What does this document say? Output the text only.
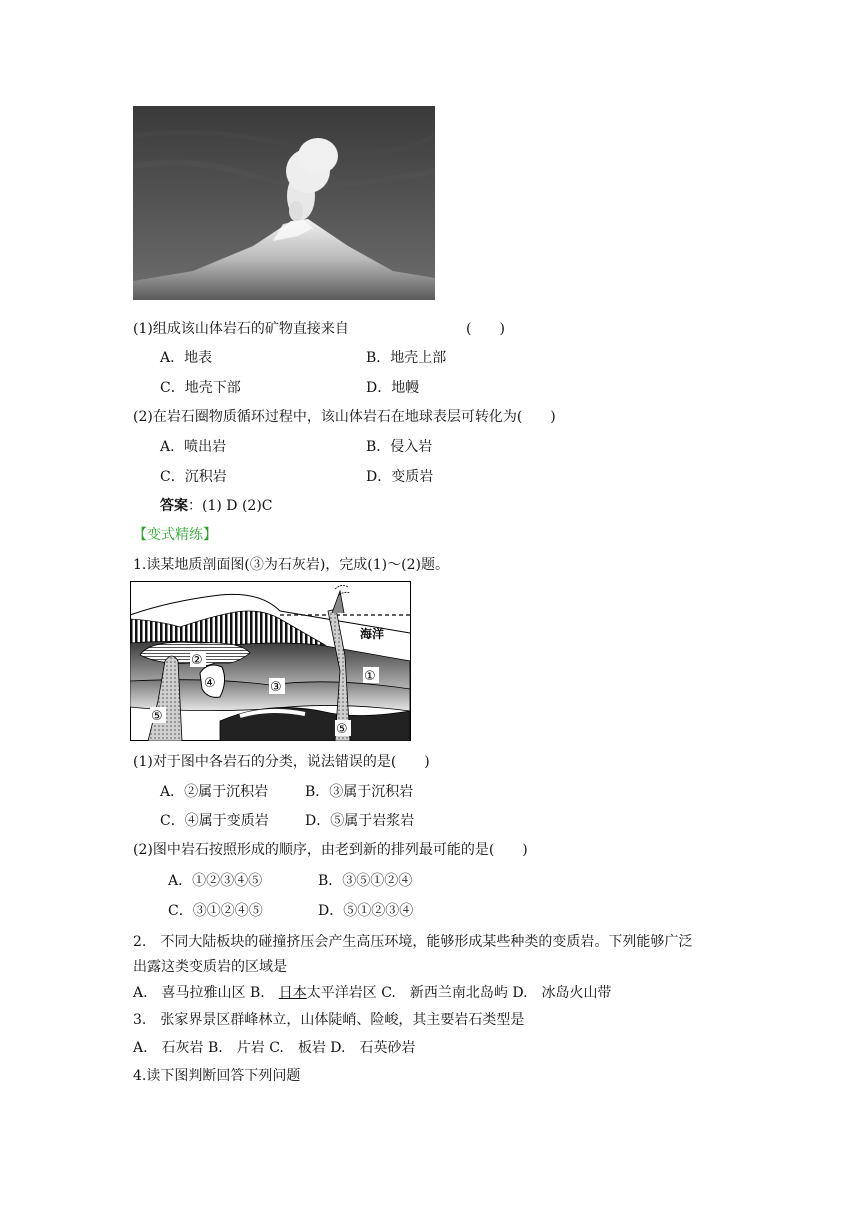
(1)组成该山体岩石的矿物直接来自	(　　)
A．地表	B．地壳上部
C．地壳下部	D．地幔
(2)在岩石圈物质循环过程中，该山体岩石在地球表层可转化为(　　)
A．喷出岩	B．侵入岩
C．沉积岩	D．变质岩
答案：(1) D (2)C
【变式精练】
1.读某地质剖面图(③为石灰岩)，完成(1)～(2)题。
海洋
①
②
③
④
⑤
⑤
(1)对于图中各岩石的分类，说法错误的是(　　)
A．②属于沉积岩	B．③属于沉积岩
C．④属于变质岩	D．⑤属于岩浆岩
(2)图中岩石按照形成的顺序，由老到新的排列最可能的是(　　)
A．①②③④⑤	B．③⑤①②④
C．③①②④⑤	D．⑤①②③④
2.　不同大陆板块的碰撞挤压会产生高压环境，能够形成某些种类的变质岩。下列能够广泛
出露这类变质岩的区域是
A.　喜马拉雅山区 B.　日本太平洋岩区 C.　新西兰南北岛屿 D.　冰岛火山带
3.　张家界景区群峰林立，山体陡峭、险峻，其主要岩石类型是
A.　石灰岩 B.　片岩 C.　板岩 D.　石英砂岩
4.读下图判断回答下列问题
